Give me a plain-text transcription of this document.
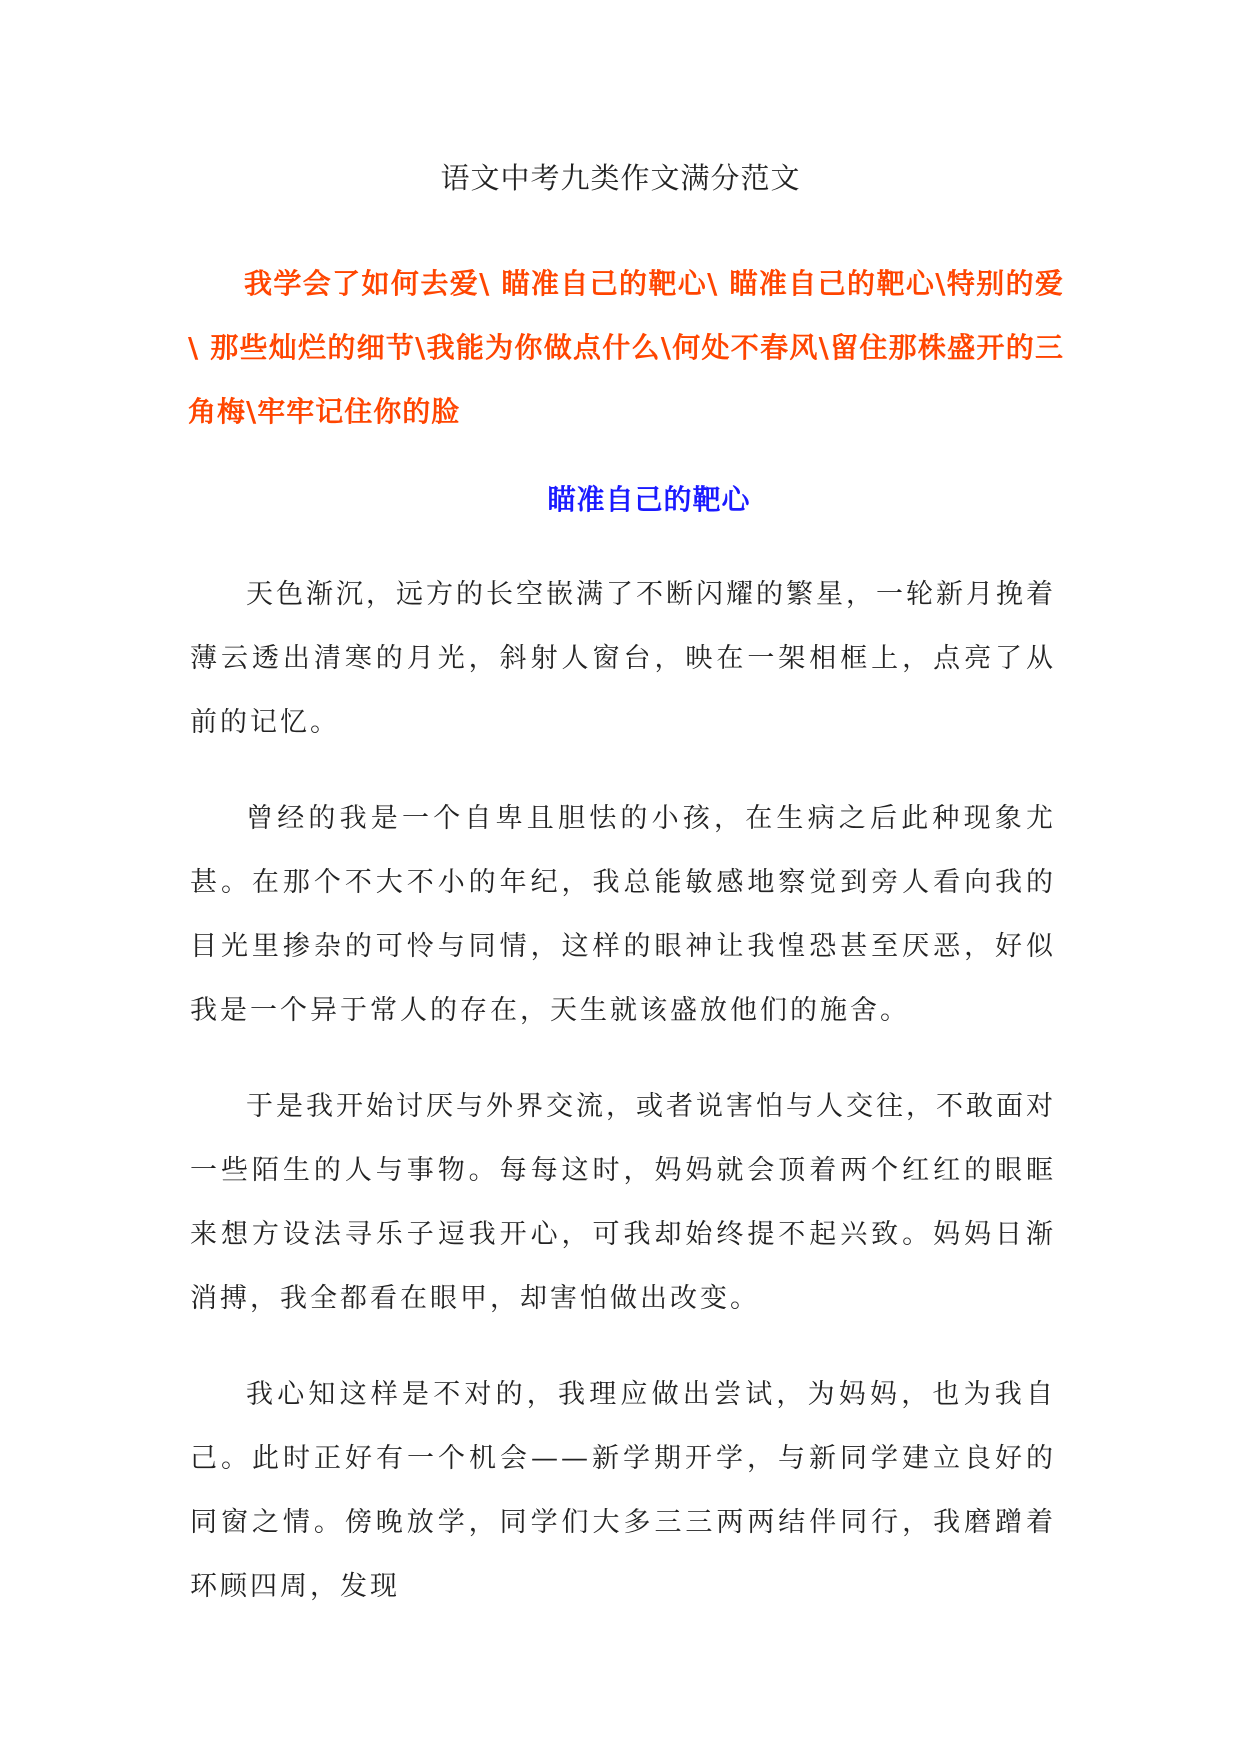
语文中考九类作文满分范文
我学会了如何去爱\ 瞄准自己的靶心\ 瞄准自己的靶心\特别的爱\ 那些灿烂的细节\我能为你做点什么\何处不春风\留住那株盛开的三角梅\牢牢记住你的脸
瞄准自己的靶心

天色渐沉，远方的长空嵌满了不断闪耀的繁星，一轮新月挽着薄云透出清寒的月光，斜射人窗台，映在一架相框上，点亮了从前的记忆。

曾经的我是一个自卑且胆怯的小孩，在生病之后此种现象尤甚。在那个不大不小的年纪，我总能敏感地察觉到旁人看向我的目光里掺杂的可怜与同情，这样的眼神让我惶恐甚至厌恶，好似我是一个异于常人的存在，天生就该盛放他们的施舍。

于是我开始讨厌与外界交流，或者说害怕与人交往，不敢面对一些陌生的人与事物。每每这时，妈妈就会顶着两个红红的眼眶来想方设法寻乐子逗我开心，可我却始终提不起兴致。妈妈日渐消搏，我全都看在眼甲，却害怕做出改变。

我心知这样是不对的，我理应做出尝试，为妈妈，也为我自己。此时正好有一个机会——新学期开学，与新同学建立良好的同窗之情。傍晚放学，同学们大多三三两两结伴同行，我磨蹭着环顾四周，发现
